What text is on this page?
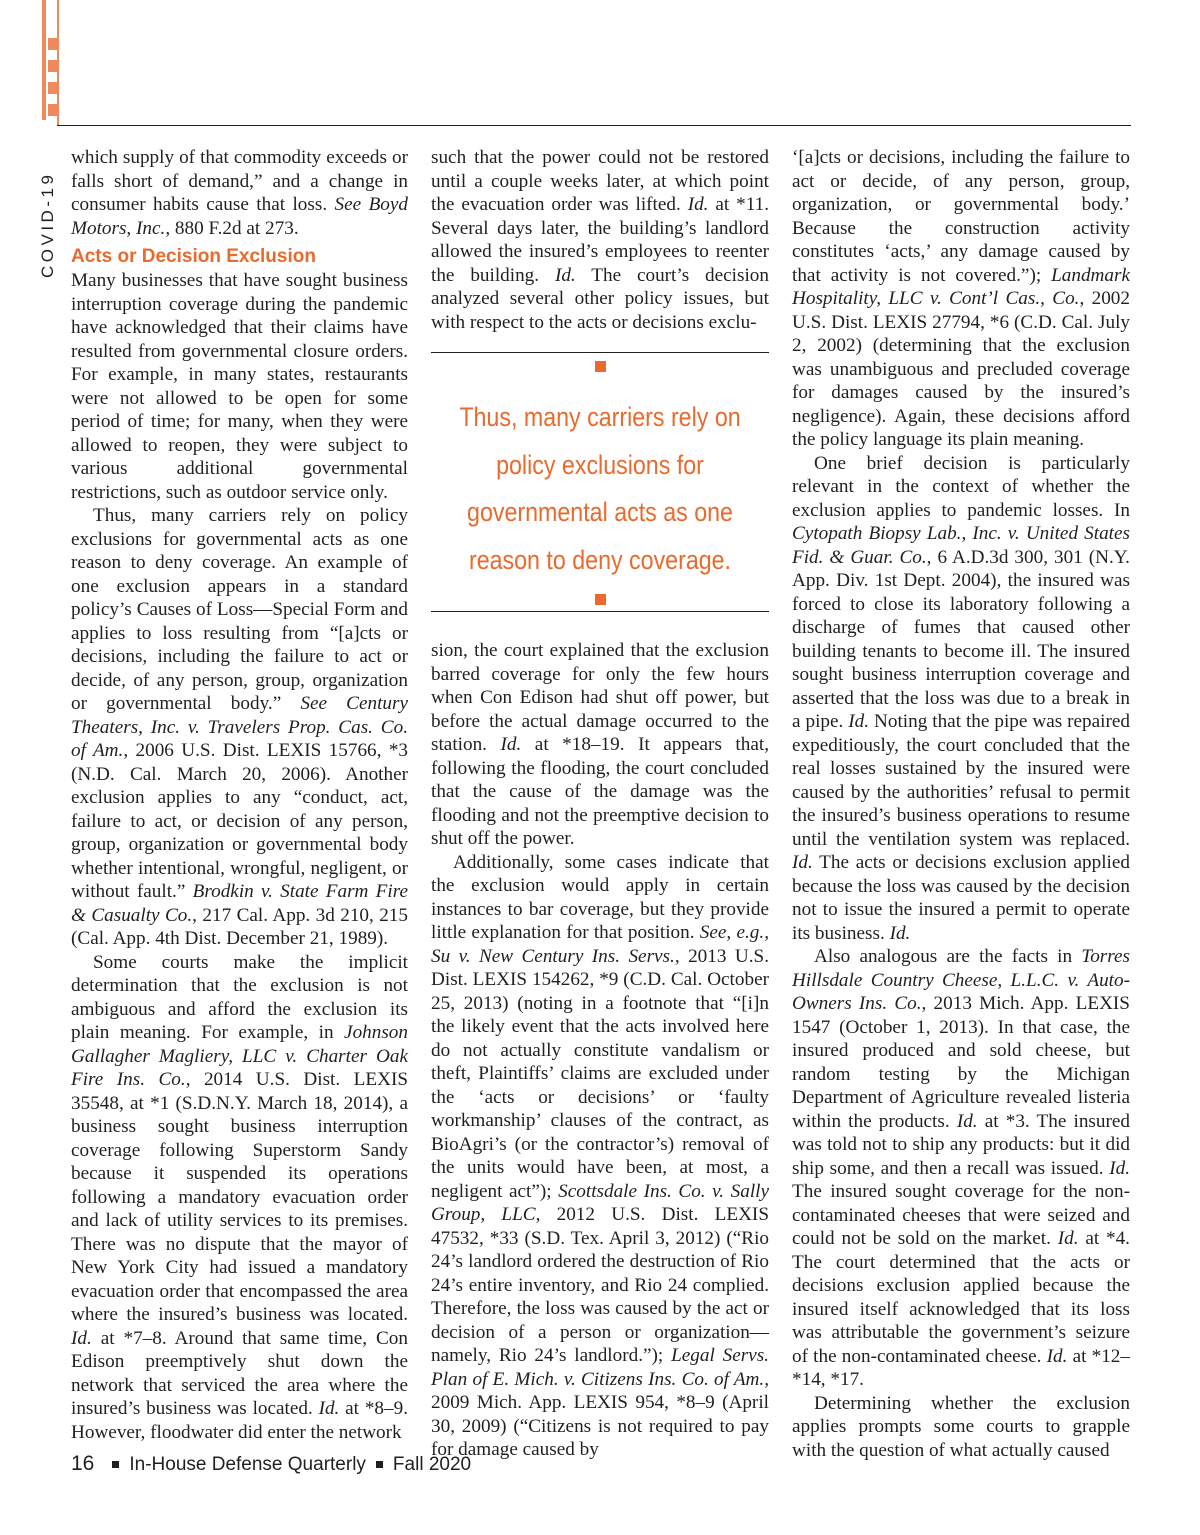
COVID-19

which supply of that commodity exceeds or falls short of demand,” and a change in consumer habits cause that loss. See Boyd Motors, Inc., 880 F.2d at 273.

Acts or Decision Exclusion

Many businesses that have sought business interruption coverage during the pandemic have acknowledged that their claims have resulted from governmental closure orders. For example, in many states, restaurants were not allowed to be open for some period of time; for many, when they were allowed to reopen, they were subject to various additional governmental restrictions, such as outdoor service only.

Thus, many carriers rely on policy exclusions for governmental acts as one reason to deny coverage. An example of one exclusion appears in a standard policy’s Causes of Loss—Special Form and applies to loss resulting from “[a]cts or decisions, including the failure to act or decide, of any person, group, organization or governmental body.” See Century Theaters, Inc. v. Travelers Prop. Cas. Co. of Am., 2006 U.S. Dist. LEXIS 15766, *3 (N.D. Cal. March 20, 2006). Another exclusion applies to any “conduct, act, failure to act, or decision of any person, group, organization or governmental body whether intentional, wrongful, negligent, or without fault.” Brodkin v. State Farm Fire & Casualty Co., 217 Cal. App. 3d 210, 215 (Cal. App. 4th Dist. December 21, 1989).

Some courts make the implicit determination that the exclusion is not ambiguous and afford the exclusion its plain meaning. For example, in Johnson Gallagher Magliery, LLC v. Charter Oak Fire Ins. Co., 2014 U.S. Dist. LEXIS 35548, at *1 (S.D.N.Y. March 18, 2014), a business sought business interruption coverage following Superstorm Sandy because it suspended its operations following a mandatory evacuation order and lack of utility services to its premises. There was no dispute that the mayor of New York City had issued a mandatory evacuation order that encompassed the area where the insured’s business was located. Id. at *7–8. Around that same time, Con Edison preemptively shut down the network that serviced the area where the insured’s business was located. Id. at *8–9. However, floodwater did enter the network

such that the power could not be restored until a couple weeks later, at which point the evacuation order was lifted. Id. at *11. Several days later, the building’s landlord allowed the insured’s employees to reenter the building. Id. The court’s decision analyzed several other policy issues, but with respect to the acts or decisions exclu-

Thus, many carriers rely on policy exclusions for governmental acts as one reason to deny coverage.

sion, the court explained that the exclusion barred coverage for only the few hours when Con Edison had shut off power, but before the actual damage occurred to the station. Id. at *18–19. It appears that, following the flooding, the court concluded that the cause of the damage was the flooding and not the preemptive decision to shut off the power.

Additionally, some cases indicate that the exclusion would apply in certain instances to bar coverage, but they provide little explanation for that position. See, e.g., Su v. New Century Ins. Servs., 2013 U.S. Dist. LEXIS 154262, *9 (C.D. Cal. October 25, 2013) (noting in a footnote that “[i]n the likely event that the acts involved here do not actually constitute vandalism or theft, Plaintiffs’ claims are excluded under the ‘acts or decisions’ or ‘faulty workmanship’ clauses of the contract, as BioAgri’s (or the contractor’s) removal of the units would have been, at most, a negligent act”); Scottsdale Ins. Co. v. Sally Group, LLC, 2012 U.S. Dist. LEXIS 47532, *33 (S.D. Tex. April 3, 2012) (“Rio 24’s landlord ordered the destruction of Rio 24’s entire inventory, and Rio 24 complied. Therefore, the loss was caused by the act or decision of a person or organization—namely, Rio 24’s landlord.”); Legal Servs. Plan of E. Mich. v. Citizens Ins. Co. of Am., 2009 Mich. App. LEXIS 954, *8–9 (April 30, 2009) (“Citizens is not required to pay for damage caused by

‘[a]cts or decisions, including the failure to act or decide, of any person, group, organization, or governmental body.’ Because the construction activity constitutes ‘acts,’ any damage caused by that activity is not covered.”); Landmark Hospitality, LLC v. Cont’l Cas., Co., 2002 U.S. Dist. LEXIS 27794, *6 (C.D. Cal. July 2, 2002) (determining that the exclusion was unambiguous and precluded coverage for damages caused by the insured’s negligence). Again, these decisions afford the policy language its plain meaning.

One brief decision is particularly relevant in the context of whether the exclusion applies to pandemic losses. In Cytopath Biopsy Lab., Inc. v. United States Fid. & Guar. Co., 6 A.D.3d 300, 301 (N.Y. App. Div. 1st Dept. 2004), the insured was forced to close its laboratory following a discharge of fumes that caused other building tenants to become ill. The insured sought business interruption coverage and asserted that the loss was due to a break in a pipe. Id. Noting that the pipe was repaired expeditiously, the court concluded that the real losses sustained by the insured were caused by the authorities’ refusal to permit the insured’s business operations to resume until the ventilation system was replaced. Id. The acts or decisions exclusion applied because the loss was caused by the decision not to issue the insured a permit to operate its business. Id.

Also analogous are the facts in Torres Hillsdale Country Cheese, L.L.C. v. Auto-Owners Ins. Co., 2013 Mich. App. LEXIS 1547 (October 1, 2013). In that case, the insured produced and sold cheese, but random testing by the Michigan Department of Agriculture revealed listeria within the products. Id. at *3. The insured was told not to ship any products: but it did ship some, and then a recall was issued. Id. The insured sought coverage for the non-contaminated cheeses that were seized and could not be sold on the market. Id. at *4. The court determined that the acts or decisions exclusion applied because the insured itself acknowledged that its loss was attributable the government’s seizure of the non-contaminated cheese. Id. at *12–*14, *17.

Determining whether the exclusion applies prompts some courts to grapple with the question of what actually caused

16 In-House Defense Quarterly Fall 2020
